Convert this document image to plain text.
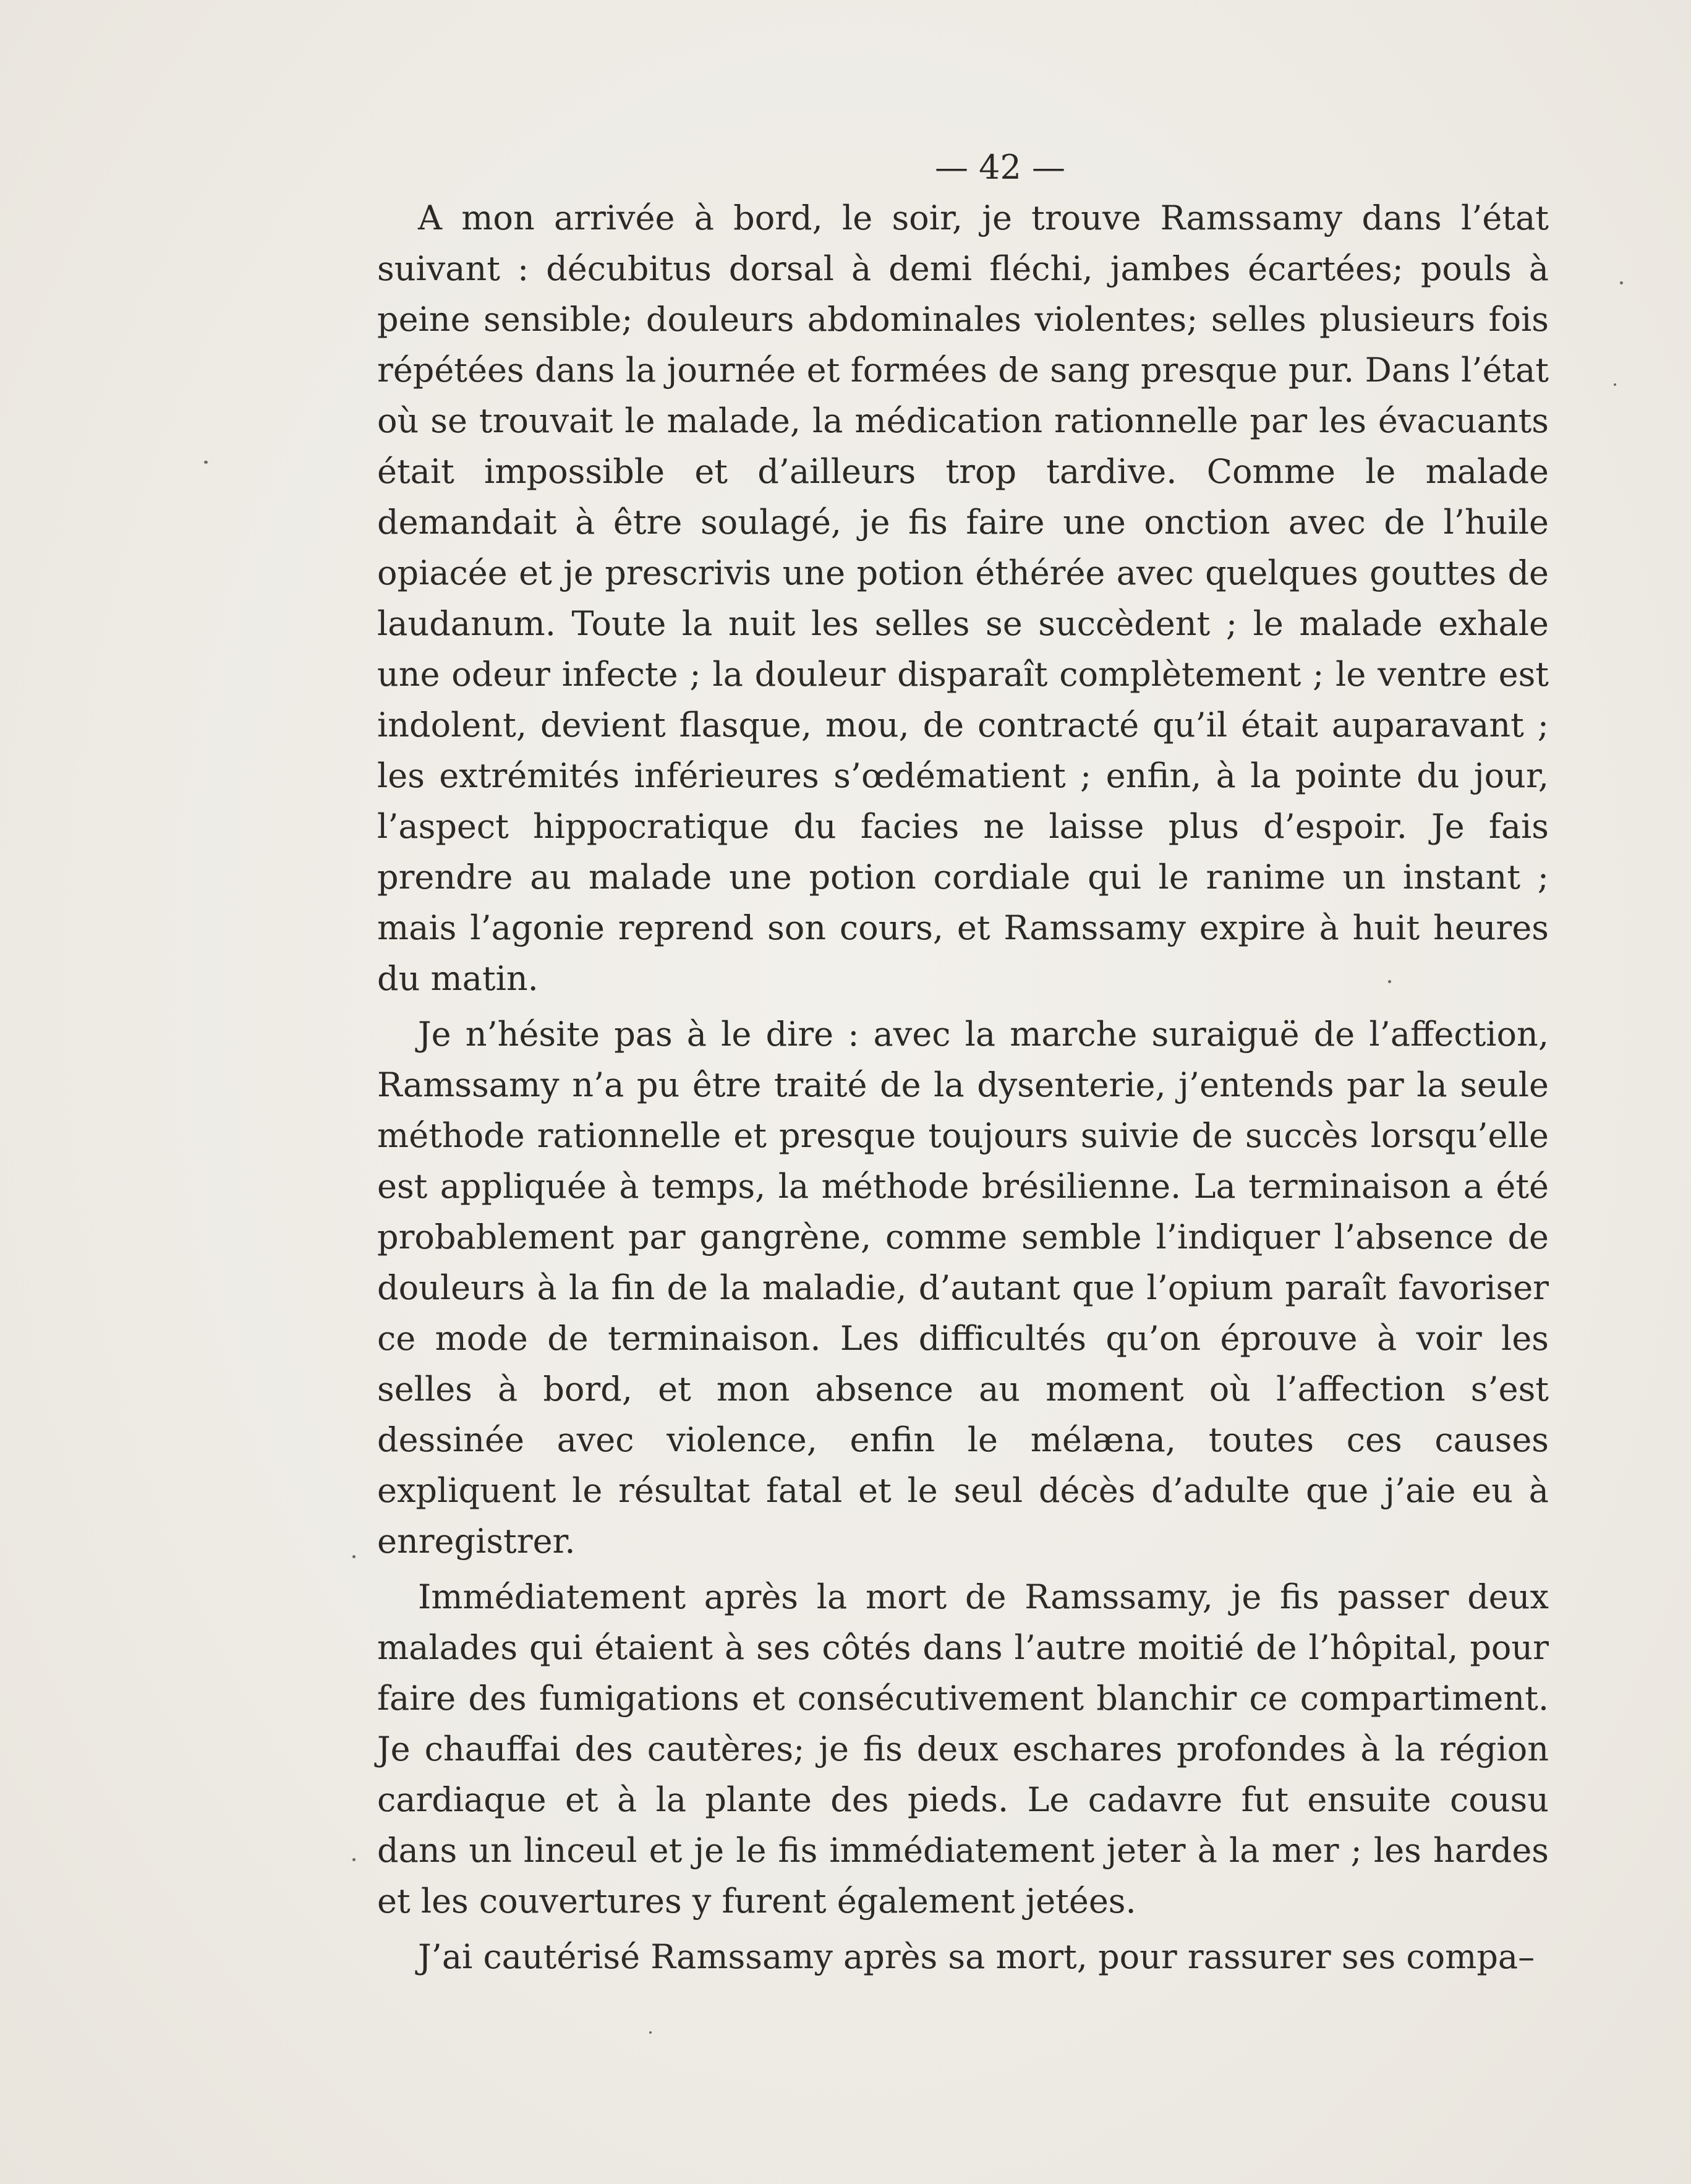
— 42 —

A mon arrivée à bord, le soir, je trouve Ramssamy dans l’état suivant : décubitus dorsal à demi fléchi, jambes écartées; pouls à peine sensible; douleurs abdominales violentes; selles plusieurs fois répétées dans la journée et formées de sang presque pur. Dans l’état où se trouvait le malade, la médication rationnelle par les évacuants était impossible et d’ailleurs trop tardive. Comme le malade demandait à être soulagé, je fis faire une onction avec de l’huile opiacée et je prescrivis une potion éthérée avec quelques gouttes de laudanum. Toute la nuit les selles se succèdent ; le malade exhale une odeur infecte ; la douleur disparaît complètement ; le ventre est indolent, devient flasque, mou, de contracté qu’il était auparavant ; les extrémités inférieures s’œdématient ; enfin, à la pointe du jour, l’aspect hippocratique du facies ne laisse plus d’espoir. Je fais prendre au malade une potion cordiale qui le ranime un instant ; mais l’agonie reprend son cours, et Ramssamy expire à huit heures du matin.

Je n’hésite pas à le dire : avec la marche suraiguë de l’affection, Ramssamy n’a pu être traité de la dysenterie, j’entends par la seule méthode rationnelle et presque toujours suivie de succès lorsqu’elle est appliquée à temps, la méthode brésilienne. La terminaison a été probablement par gangrène, comme semble l’indiquer l’absence de douleurs à la fin de la maladie, d’autant que l’opium paraît favoriser ce mode de terminaison. Les difficultés qu’on éprouve à voir les selles à bord, et mon absence au moment où l’affection s’est dessinée avec violence, enfin le mélæna, toutes ces causes expliquent le résultat fatal et le seul décès d’adulte que j’aie eu à enregistrer.

Immédiatement après la mort de Ramssamy, je fis passer deux malades qui étaient à ses côtés dans l’autre moitié de l’hôpital, pour faire des fumigations et consécutivement blanchir ce compartiment. Je chauffai des cautères; je fis deux eschares profondes à la région cardiaque et à la plante des pieds. Le cadavre fut ensuite cousu dans un linceul et je le fis immédiatement jeter à la mer ; les hardes et les couvertures y furent également jetées.

J’ai cautérisé Ramssamy après sa mort, pour rassurer ses compa–
